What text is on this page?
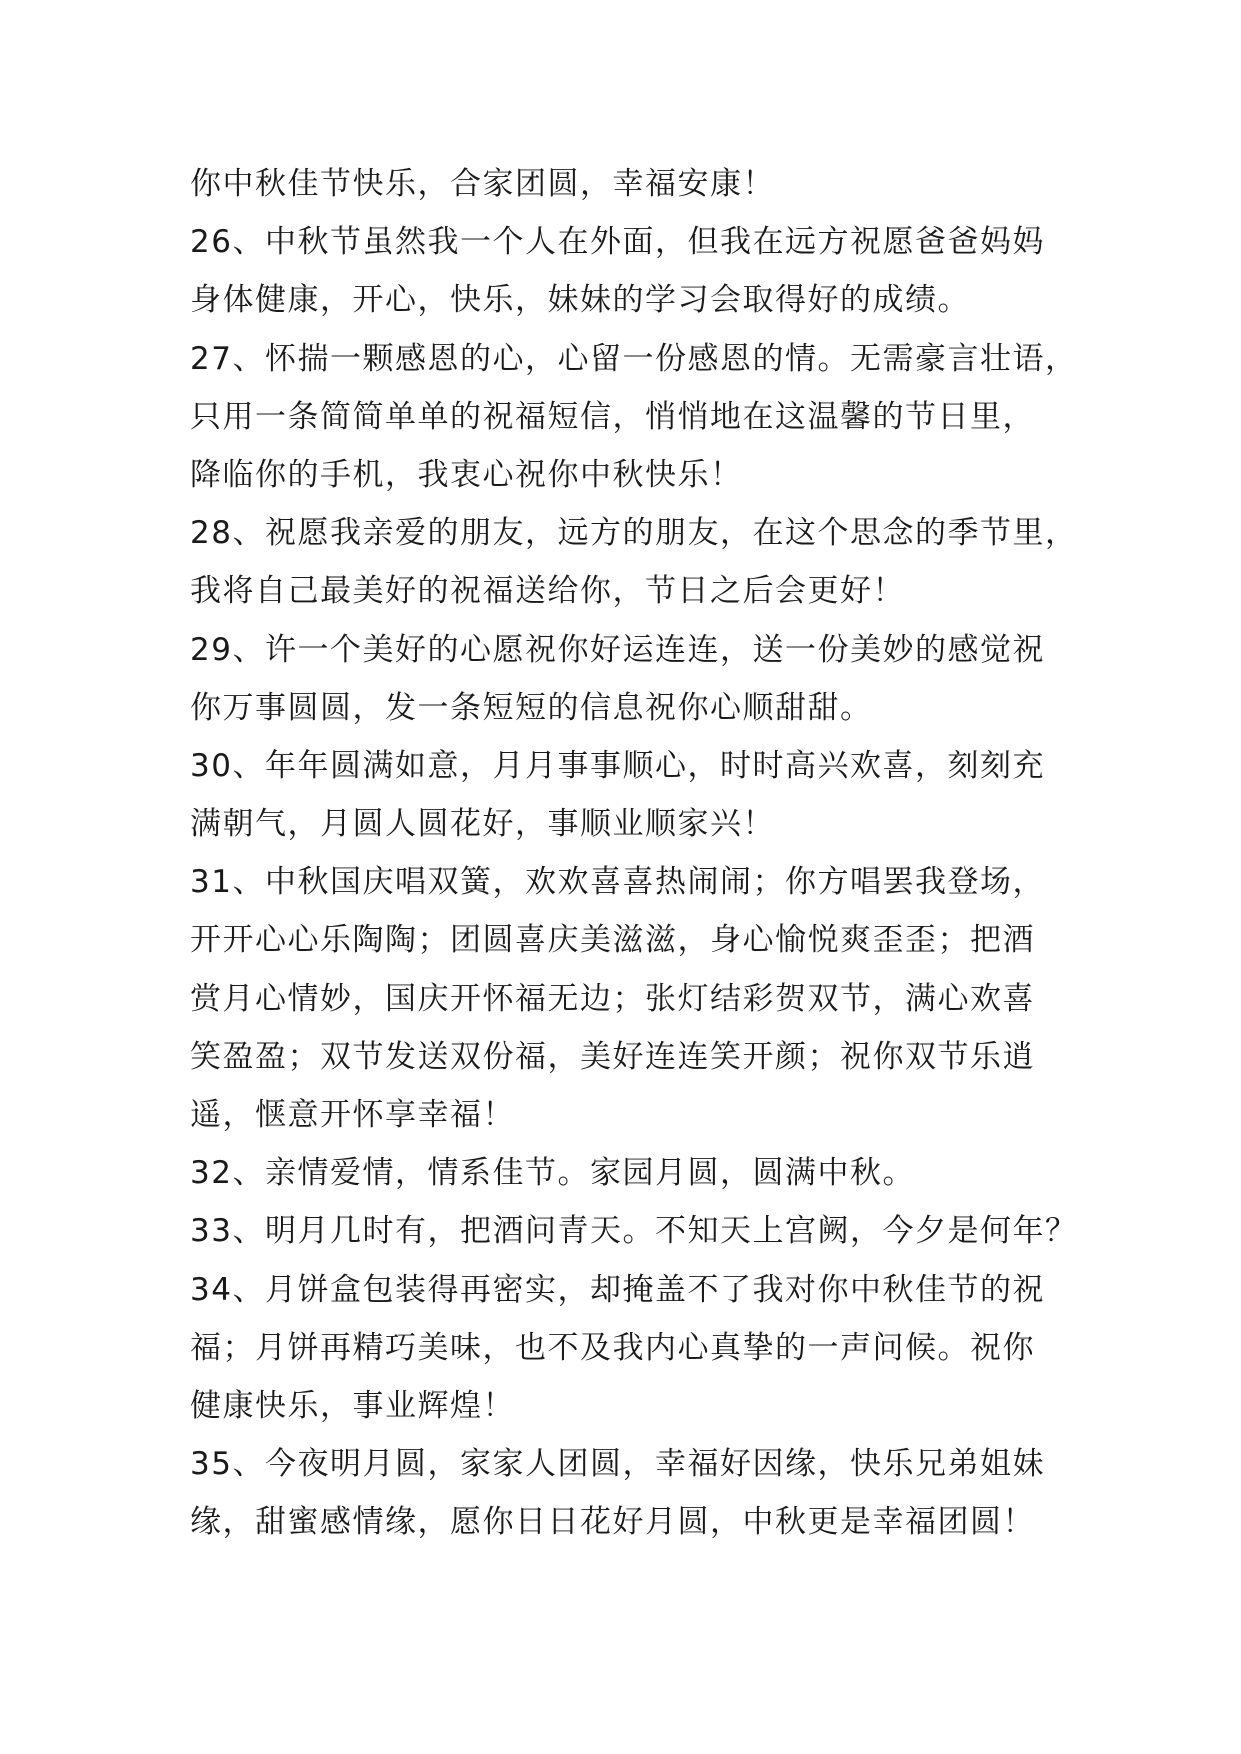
你中秋佳节快乐，合家团圆，幸福安康！
26、中秋节虽然我一个人在外面，但我在远方祝愿爸爸妈妈
身体健康，开心，快乐，妹妹的学习会取得好的成绩。
27、怀揣一颗感恩的心，心留一份感恩的情。无需豪言壮语，
只用一条简简单单的祝福短信，悄悄地在这温馨的节日里，
降临你的手机，我衷心祝你中秋快乐！
28、祝愿我亲爱的朋友，远方的朋友，在这个思念的季节里，
我将自己最美好的祝福送给你，节日之后会更好！
29、许一个美好的心愿祝你好运连连，送一份美妙的感觉祝
你万事圆圆，发一条短短的信息祝你心顺甜甜。
30、年年圆满如意，月月事事顺心，时时高兴欢喜，刻刻充
满朝气，月圆人圆花好，事顺业顺家兴！
31、中秋国庆唱双簧，欢欢喜喜热闹闹；你方唱罢我登场，
开开心心乐陶陶；团圆喜庆美滋滋，身心愉悦爽歪歪；把酒
赏月心情妙，国庆开怀福无边；张灯结彩贺双节，满心欢喜
笑盈盈；双节发送双份福，美好连连笑开颜；祝你双节乐逍
遥，惬意开怀享幸福！
32、亲情爱情，情系佳节。家园月圆，圆满中秋。
33、明月几时有，把酒问青天。不知天上宫阙，今夕是何年？
34、月饼盒包装得再密实，却掩盖不了我对你中秋佳节的祝
福；月饼再精巧美味，也不及我内心真挚的一声问候。祝你
健康快乐，事业辉煌！
35、今夜明月圆，家家人团圆，幸福好因缘，快乐兄弟姐妹
缘，甜蜜感情缘，愿你日日花好月圆，中秋更是幸福团圆！
